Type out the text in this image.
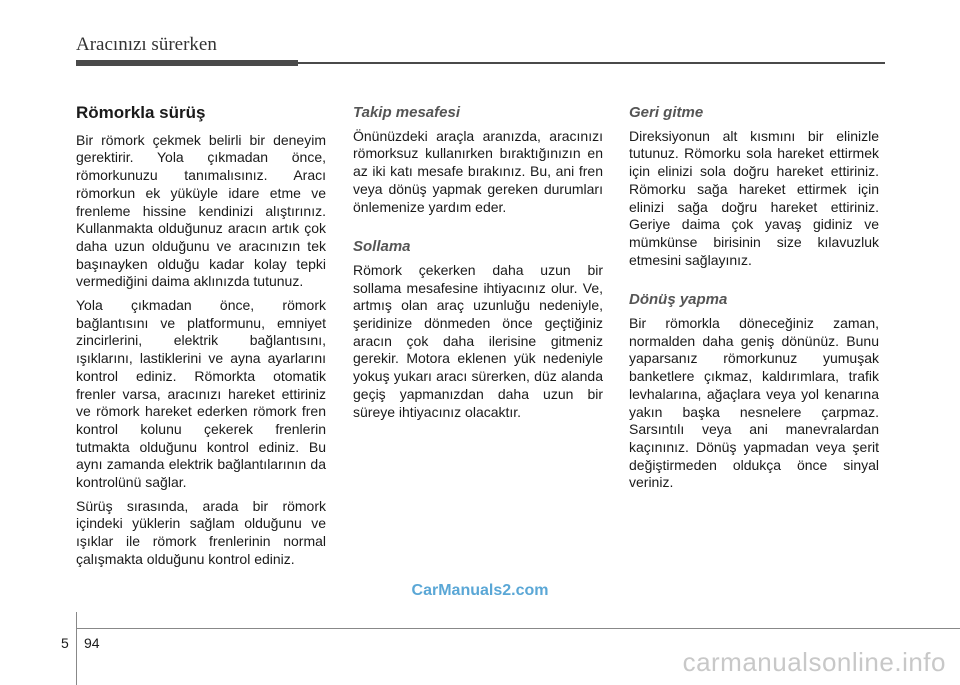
Aracınızı sürerken
Römorkla sürüş

Bir römork çekmek belirli bir deneyim gerektirir. Yola çıkmadan önce, römorkunuzu tanımalısınız. Aracı römorkun ek yüküyle idare etme ve frenleme hissine kendinizi alıştırınız. Kullanmakta olduğunuz aracın artık çok daha uzun olduğunu ve aracınızın tek başınayken olduğu kadar kolay tepki vermediğini daima aklınızda tutunuz.

Yola çıkmadan önce, römork bağlantısını ve platformunu, emniyet zincirlerini, elektrik bağlantısını, ışıklarını, lastiklerini ve ayna ayarlarını kontrol ediniz. Römorkta otomatik frenler varsa, aracınızı hareket ettiriniz ve römork hareket ederken römork fren kontrol kolunu çekerek frenlerin tutmakta olduğunu kontrol ediniz. Bu aynı zamanda elektrik bağlantılarının da kontrolünü sağlar.

Sürüş sırasında, arada bir römork içindeki yüklerin sağlam olduğunu ve ışıklar ile römork frenlerinin normal çalışmakta olduğunu kontrol ediniz.

Takip mesafesi

Önünüzdeki araçla aranızda, aracınızı römorksuz kullanırken bıraktığınızın en az iki katı mesafe bırakınız. Bu, ani fren veya dönüş yapmak gereken durumları önlemenize yardım eder.

Sollama

Römork çekerken daha uzun bir sollama mesafesine ihtiyacınız olur. Ve, artmış olan araç uzunluğu nedeniyle, şeridinize dönmeden önce geçtiğiniz aracın çok daha ilerisine gitmeniz gerekir. Motora eklenen yük nedeniyle yokuş yukarı aracı sürerken, düz alanda geçiş yapmanızdan daha uzun bir süreye ihtiyacınız olacaktır.

Geri gitme

Direksiyonun alt kısmını bir elinizle tutunuz. Römorku sola hareket ettirmek için elinizi sola doğru hareket ettiriniz. Römorku sağa hareket ettirmek için elinizi sağa doğru hareket ettiriniz. Geriye daima çok yavaş gidiniz ve mümkünse birisinin size kılavuzluk etmesini sağlayınız.

Dönüş yapma

Bir römorkla döneceğiniz zaman, normalden daha geniş dönünüz. Bunu yaparsanız römorkunuz yumuşak banketlere çıkmaz, kaldırımlara, trafik levhalarına, ağaçlara veya yol kenarına yakın başka nesnelere çarpmaz. Sarsıntılı veya ani manevralardan kaçınınız. Dönüş yapmadan veya şerit değiştirmeden oldukça önce sinyal veriniz.

CarManuals2.com
5 94
carmanualsonline.info
